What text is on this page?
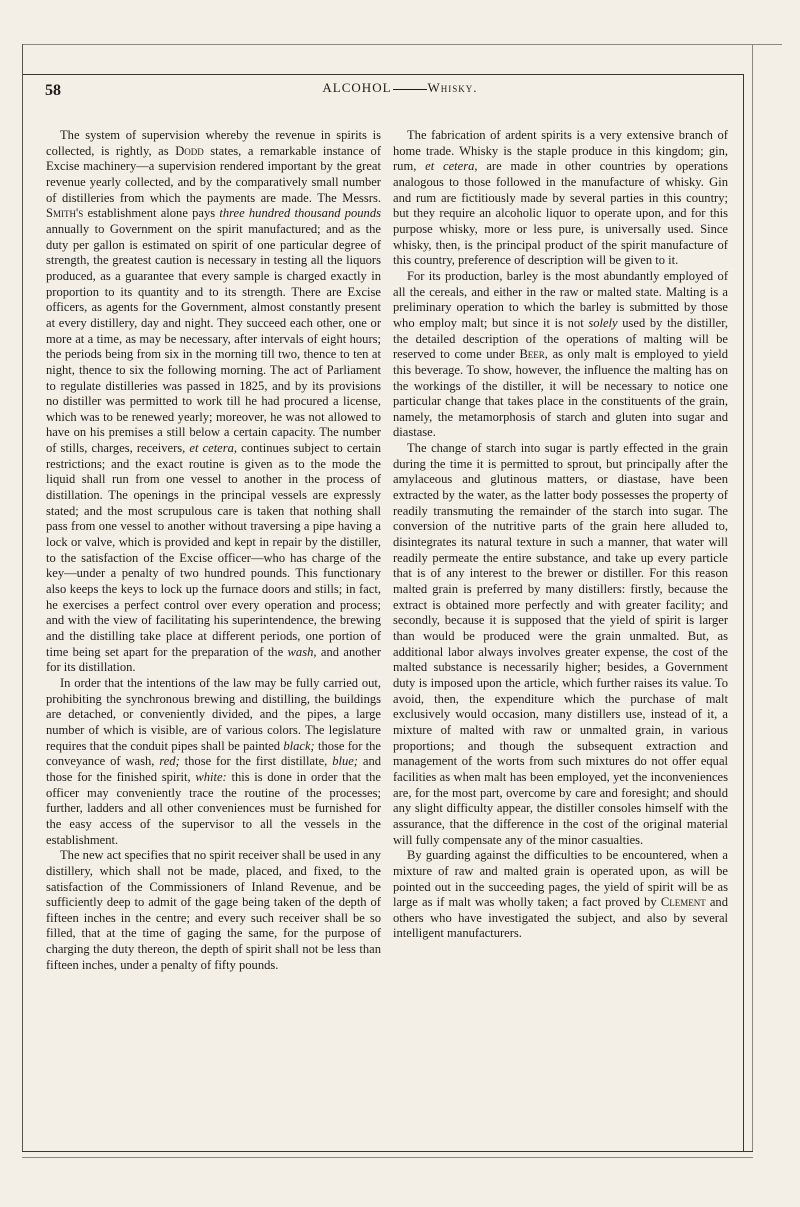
58	ALCOHOL	Whisky.

The system of supervision whereby the revenue in spirits is collected, is rightly, as Dodd states, a remarkable instance of Excise machinery—a supervision rendered important by the great revenue yearly collected, and by the comparatively small number of distilleries from which the payments are made. The Messrs. Smith's establishment alone pays three hundred thousand pounds annually to Government on the spirit manufactured; and as the duty per gallon is estimated on spirit of one particular degree of strength, the greatest caution is necessary in testing all the liquors produced, as a guarantee that every sample is charged exactly in proportion to its quantity and to its strength. There are Excise officers, as agents for the Government, almost constantly present at every distillery, day and night. They succeed each other, one or more at a time, as may be necessary, after intervals of eight hours; the periods being from six in the morning till two, thence to ten at night, thence to six the following morning. The act of Parliament to regulate distilleries was passed in 1825, and by its provisions no distiller was permitted to work till he had procured a license, which was to be renewed yearly; moreover, he was not allowed to have on his premises a still below a certain capacity. The number of stills, charges, receivers, et cetera, continues subject to certain restrictions; and the exact routine is given as to the mode the liquid shall run from one vessel to another in the process of distillation. The openings in the principal vessels are expressly stated; and the most scrupulous care is taken that nothing shall pass from one vessel to another without traversing a pipe having a lock or valve, which is provided and kept in repair by the distiller, to the satisfaction of the Excise officer—who has charge of the key—under a penalty of two hundred pounds. This functionary also keeps the keys to lock up the furnace doors and stills; in fact, he exercises a perfect control over every operation and process; and with the view of facilitating his superintendence, the brewing and the distilling take place at different periods, one portion of time being set apart for the preparation of the wash, and another for its distillation.

In order that the intentions of the law may be fully carried out, prohibiting the synchronous brewing and distilling, the buildings are detached, or conveniently divided, and the pipes, a large number of which is visible, are of various colors. The legislature requires that the conduit pipes shall be painted black; those for the conveyance of wash, red; those for the first distillate, blue; and those for the finished spirit, white: this is done in order that the officer may conveniently trace the routine of the processes; further, ladders and all other conveniences must be furnished for the easy access of the supervisor to all the vessels in the establishment.

The new act specifies that no spirit receiver shall be used in any distillery, which shall not be made, placed, and fixed, to the satisfaction of the Commissioners of Inland Revenue, and be sufficiently deep to admit of the gage being taken of the depth of fifteen inches in the centre; and every such receiver shall be so filled, that at the time of gaging the same, for the purpose of charging the duty thereon, the depth of spirit shall not be less than fifteen inches, under a penalty of fifty pounds.

The fabrication of ardent spirits is a very extensive branch of home trade. Whisky is the staple produce in this kingdom; gin, rum, et cetera, are made in other countries by operations analogous to those followed in the manufacture of whisky. Gin and rum are fictitiously made by several parties in this country; but they require an alcoholic liquor to operate upon, and for this purpose whisky, more or less pure, is universally used. Since whisky, then, is the principal product of the spirit manufacture of this country, preference of description will be given to it.

For its production, barley is the most abundantly employed of all the cereals, and either in the raw or malted state. Malting is a preliminary operation to which the barley is submitted by those who employ malt; but since it is not solely used by the distiller, the detailed description of the operations of malting will be reserved to come under Beer, as only malt is employed to yield this beverage. To show, however, the influence the malting has on the workings of the distiller, it will be necessary to notice one particular change that takes place in the constituents of the grain, namely, the metamorphosis of starch and gluten into sugar and diastase.

The change of starch into sugar is partly effected in the grain during the time it is permitted to sprout, but principally after the amylaceous and glutinous matters, or diastase, have been extracted by the water, as the latter body possesses the property of readily transmuting the remainder of the starch into sugar. The conversion of the nutritive parts of the grain here alluded to, disintegrates its natural texture in such a manner, that water will readily permeate the entire substance, and take up every particle that is of any interest to the brewer or distiller. For this reason malted grain is preferred by many distillers: firstly, because the extract is obtained more perfectly and with greater facility; and secondly, because it is supposed that the yield of spirit is larger than would be produced were the grain unmalted. But, as additional labor always involves greater expense, the cost of the malted substance is necessarily higher; besides, a Government duty is imposed upon the article, which further raises its value. To avoid, then, the expenditure which the purchase of malt exclusively would occasion, many distillers use, instead of it, a mixture of malted with raw or unmalted grain, in various proportions; and though the subsequent extraction and management of the worts from such mixtures do not offer equal facilities as when malt has been employed, yet the inconveniences are, for the most part, overcome by care and foresight; and should any slight difficulty appear, the distiller consoles himself with the assurance, that the difference in the cost of the original material will fully compensate any of the minor casualties.

By guarding against the difficulties to be encountered, when a mixture of raw and malted grain is operated upon, as will be pointed out in the succeeding pages, the yield of spirit will be as large as if malt was wholly taken; a fact proved by Clement and others who have investigated the subject, and also by several intelligent manufacturers.
